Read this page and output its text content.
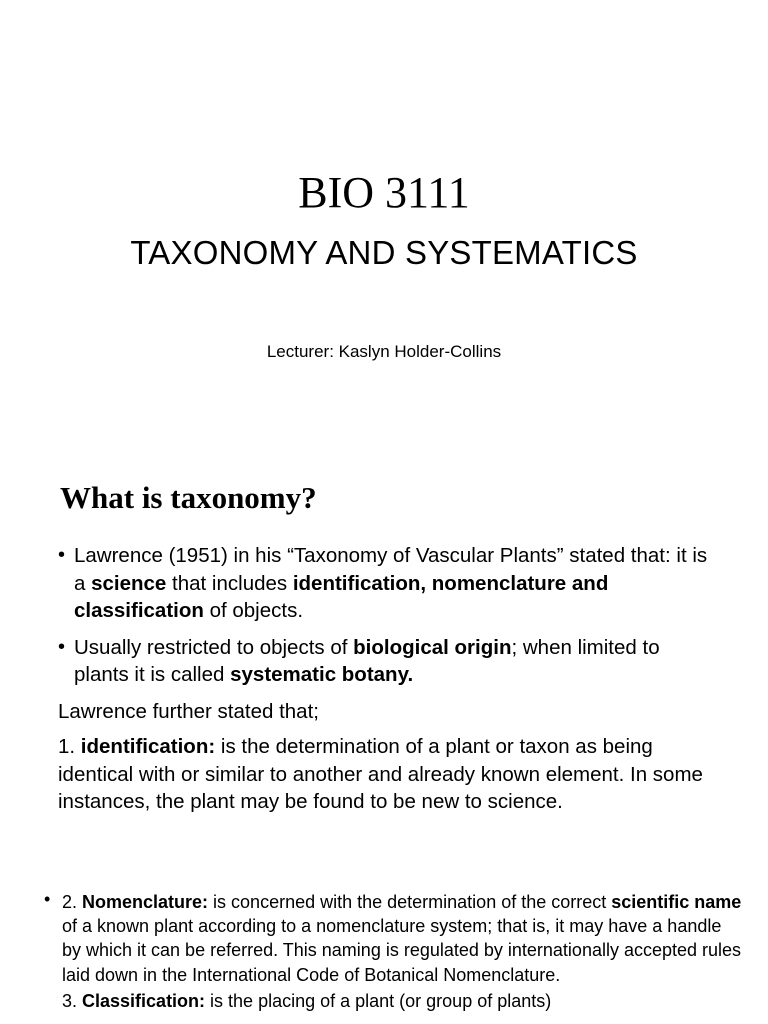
BIO 3111
TAXONOMY AND SYSTEMATICS
Lecturer: Kaslyn Holder-Collins
What is taxonomy?
• Lawrence (1951) in his “Taxonomy of Vascular Plants” stated that: it is a science that includes identification, nomenclature and classification of objects.
• Usually restricted to objects of biological origin; when limited to plants it is called systematic botany.
Lawrence further stated that;
1. identification: is the determination of a plant or taxon as being identical with or similar to another and already known element. In some instances, the plant may be found to be new to science.
• 2. Nomenclature: is concerned with the determination of the correct scientific name of a known plant according to a nomenclature system; that is, it may have a handle by which it can be referred. This naming is regulated by internationally accepted rules laid down in the International Code of Botanical Nomenclature.
3. Classification: is the placing of a plant (or group of plants)
